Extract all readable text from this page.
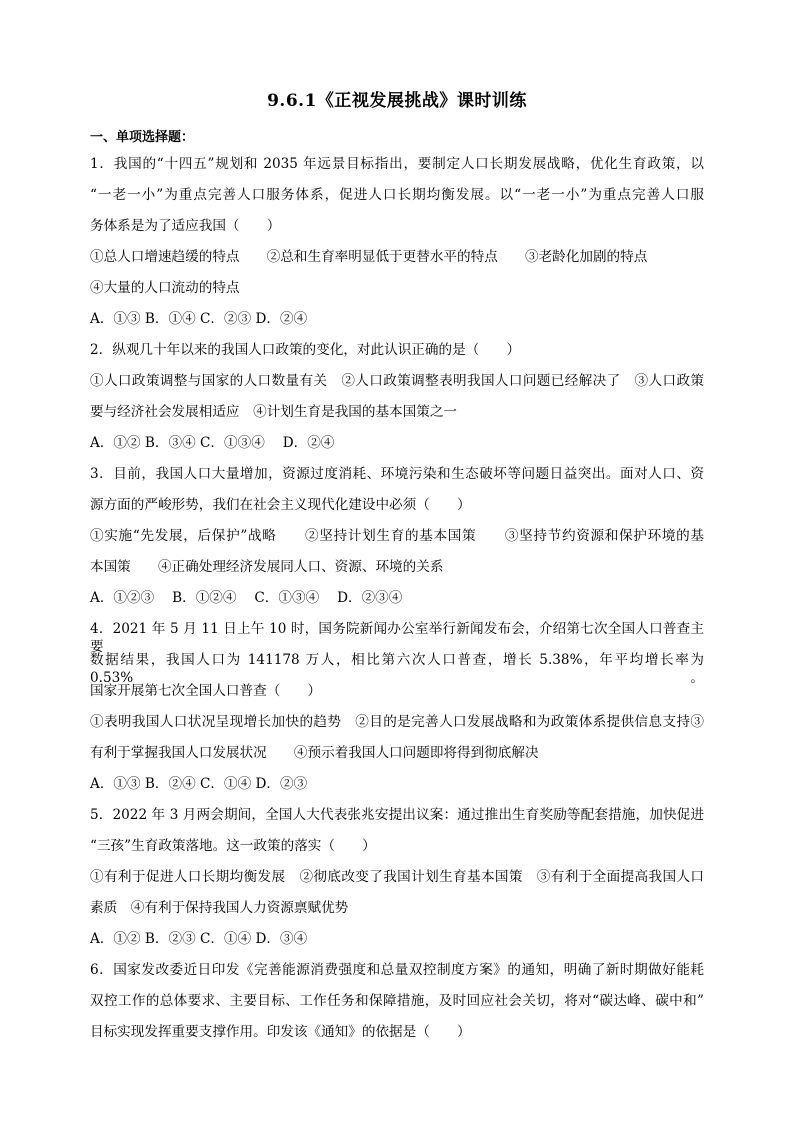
9.6.1《正视发展挑战》课时训练
一、单项选择题：
1．我国的“十四五”规划和 2035 年远景目标指出，要制定人口长期发展战略，优化生育政策，以
“一老一小”为重点完善人口服务体系，促进人口长期均衡发展。以“一老一小”为重点完善人口服
务体系是为了适应我国（　　）
①总人口增速趋缓的特点　　②总和生育率明显低于更替水平的特点　　③老龄化加剧的特点
④大量的人口流动的特点
A．①③ B．①④ C．②③ D．②④
2．纵观几十年以来的我国人口政策的变化，对此认识正确的是（　　）
①人口政策调整与国家的人口数量有关　②人口政策调整表明我国人口问题已经解决了　③人口政策
要与经济社会发展相适应　④计划生育是我国的基本国策之一
A．①② B．③④ C．①③④　 D．②④
3．目前，我国人口大量增加，资源过度消耗、环境污染和生态破坏等问题日益突出。面对人口、资
源方面的严峻形势，我们在社会主义现代化建设中必须（　　）
①实施“先发展，后保护”战略　　②坚持计划生育的基本国策　　③坚持节约资源和保护环境的基
本国策　　④正确处理经济发展同人口、资源、环境的关系
A．①②③　 B．①②④　 C．①③④　 D．②③④
4．2021 年 5 月 11 日上午 10 时，国务院新闻办公室举行新闻发布会，介绍第七次全国人口普查主要
数据结果，我国人口为 141178 万人，相比第六次人口普查，增长 5.38%，年平均增长率为 0.53%。
国家开展第七次全国人口普查（　　）
①表明我国人口状况呈现增长加快的趋势　②目的是完善人口发展战略和为政策体系提供信息支持③
有利于掌握我国人口发展状况　　④预示着我国人口问题即将得到彻底解决
A．①③ B．②④ C．①④ D．②③
5．2022 年 3 月两会期间，全国人大代表张兆安提出议案：通过推出生育奖励等配套措施，加快促进
“三孩”生育政策落地。这一政策的落实（　　）
①有利于促进人口长期均衡发展　②彻底改变了我国计划生育基本国策　③有利于全面提高我国人口
素质　④有利于保持我国人力资源禀赋优势
A．①② B．②③ C．①④ D．③④
6．国家发改委近日印发《完善能源消费强度和总量双控制度方案》的通知，明确了新时期做好能耗
双控工作的总体要求、主要目标、工作任务和保障措施，及时回应社会关切，将对“碳达峰、碳中和”
目标实现发挥重要支撑作用。印发该《通知》的依据是（　　）
